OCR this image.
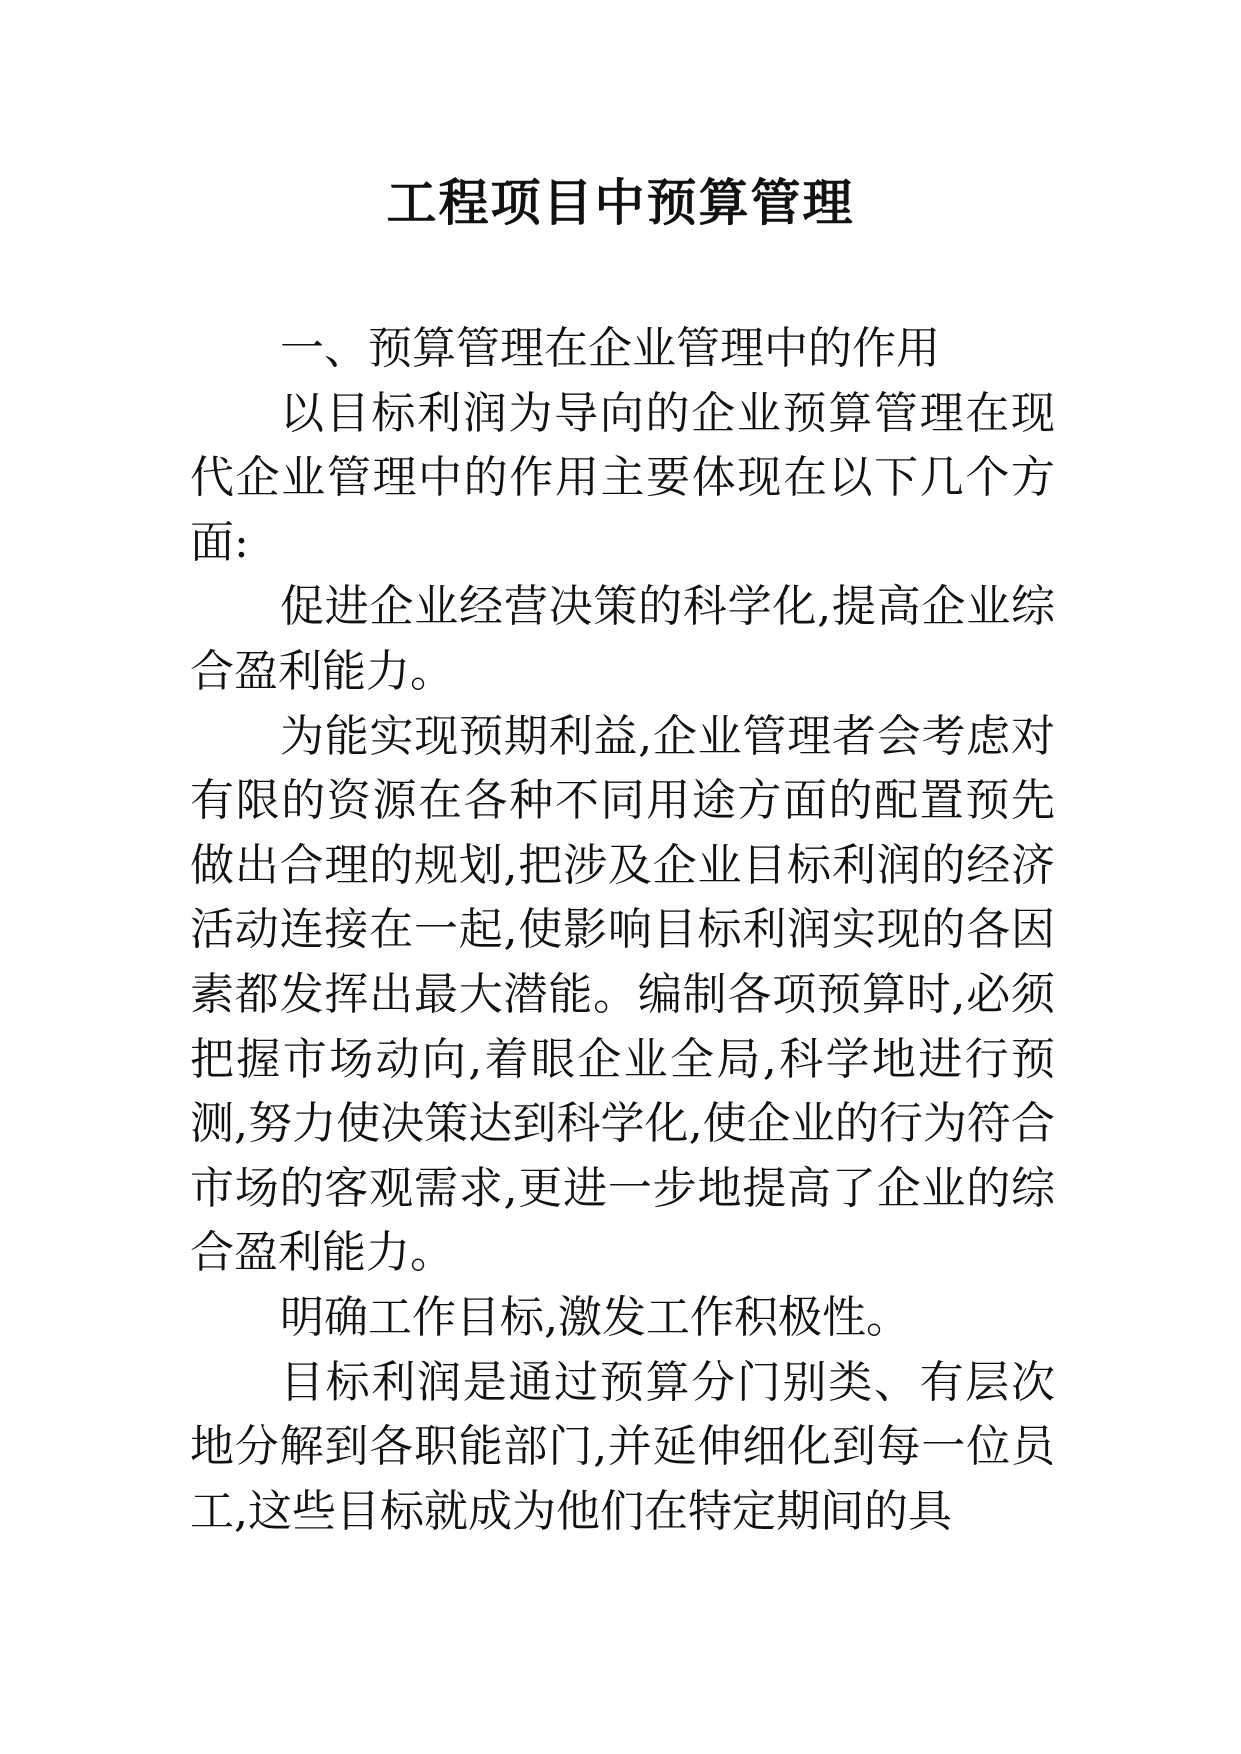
工程项目中预算管理

一、预算管理在企业管理中的作用

以目标利润为导向的企业预算管理在现代企业管理中的作用主要体现在以下几个方面:

促进企业经营决策的科学化,提高企业综合盈利能力。

为能实现预期利益,企业管理者会考虑对有限的资源在各种不同用途方面的配置预先做出合理的规划,把涉及企业目标利润的经济活动连接在一起,使影响目标利润实现的各因素都发挥出最大潜能。编制各项预算时,必须把握市场动向,着眼企业全局,科学地进行预测,努力使决策达到科学化,使企业的行为符合市场的客观需求,更进一步地提高了企业的综合盈利能力。

明确工作目标,激发工作积极性。

目标利润是通过预算分门别类、有层次地分解到各职能部门,并延伸细化到每一位员工,这些目标就成为他们在特定期间的具
